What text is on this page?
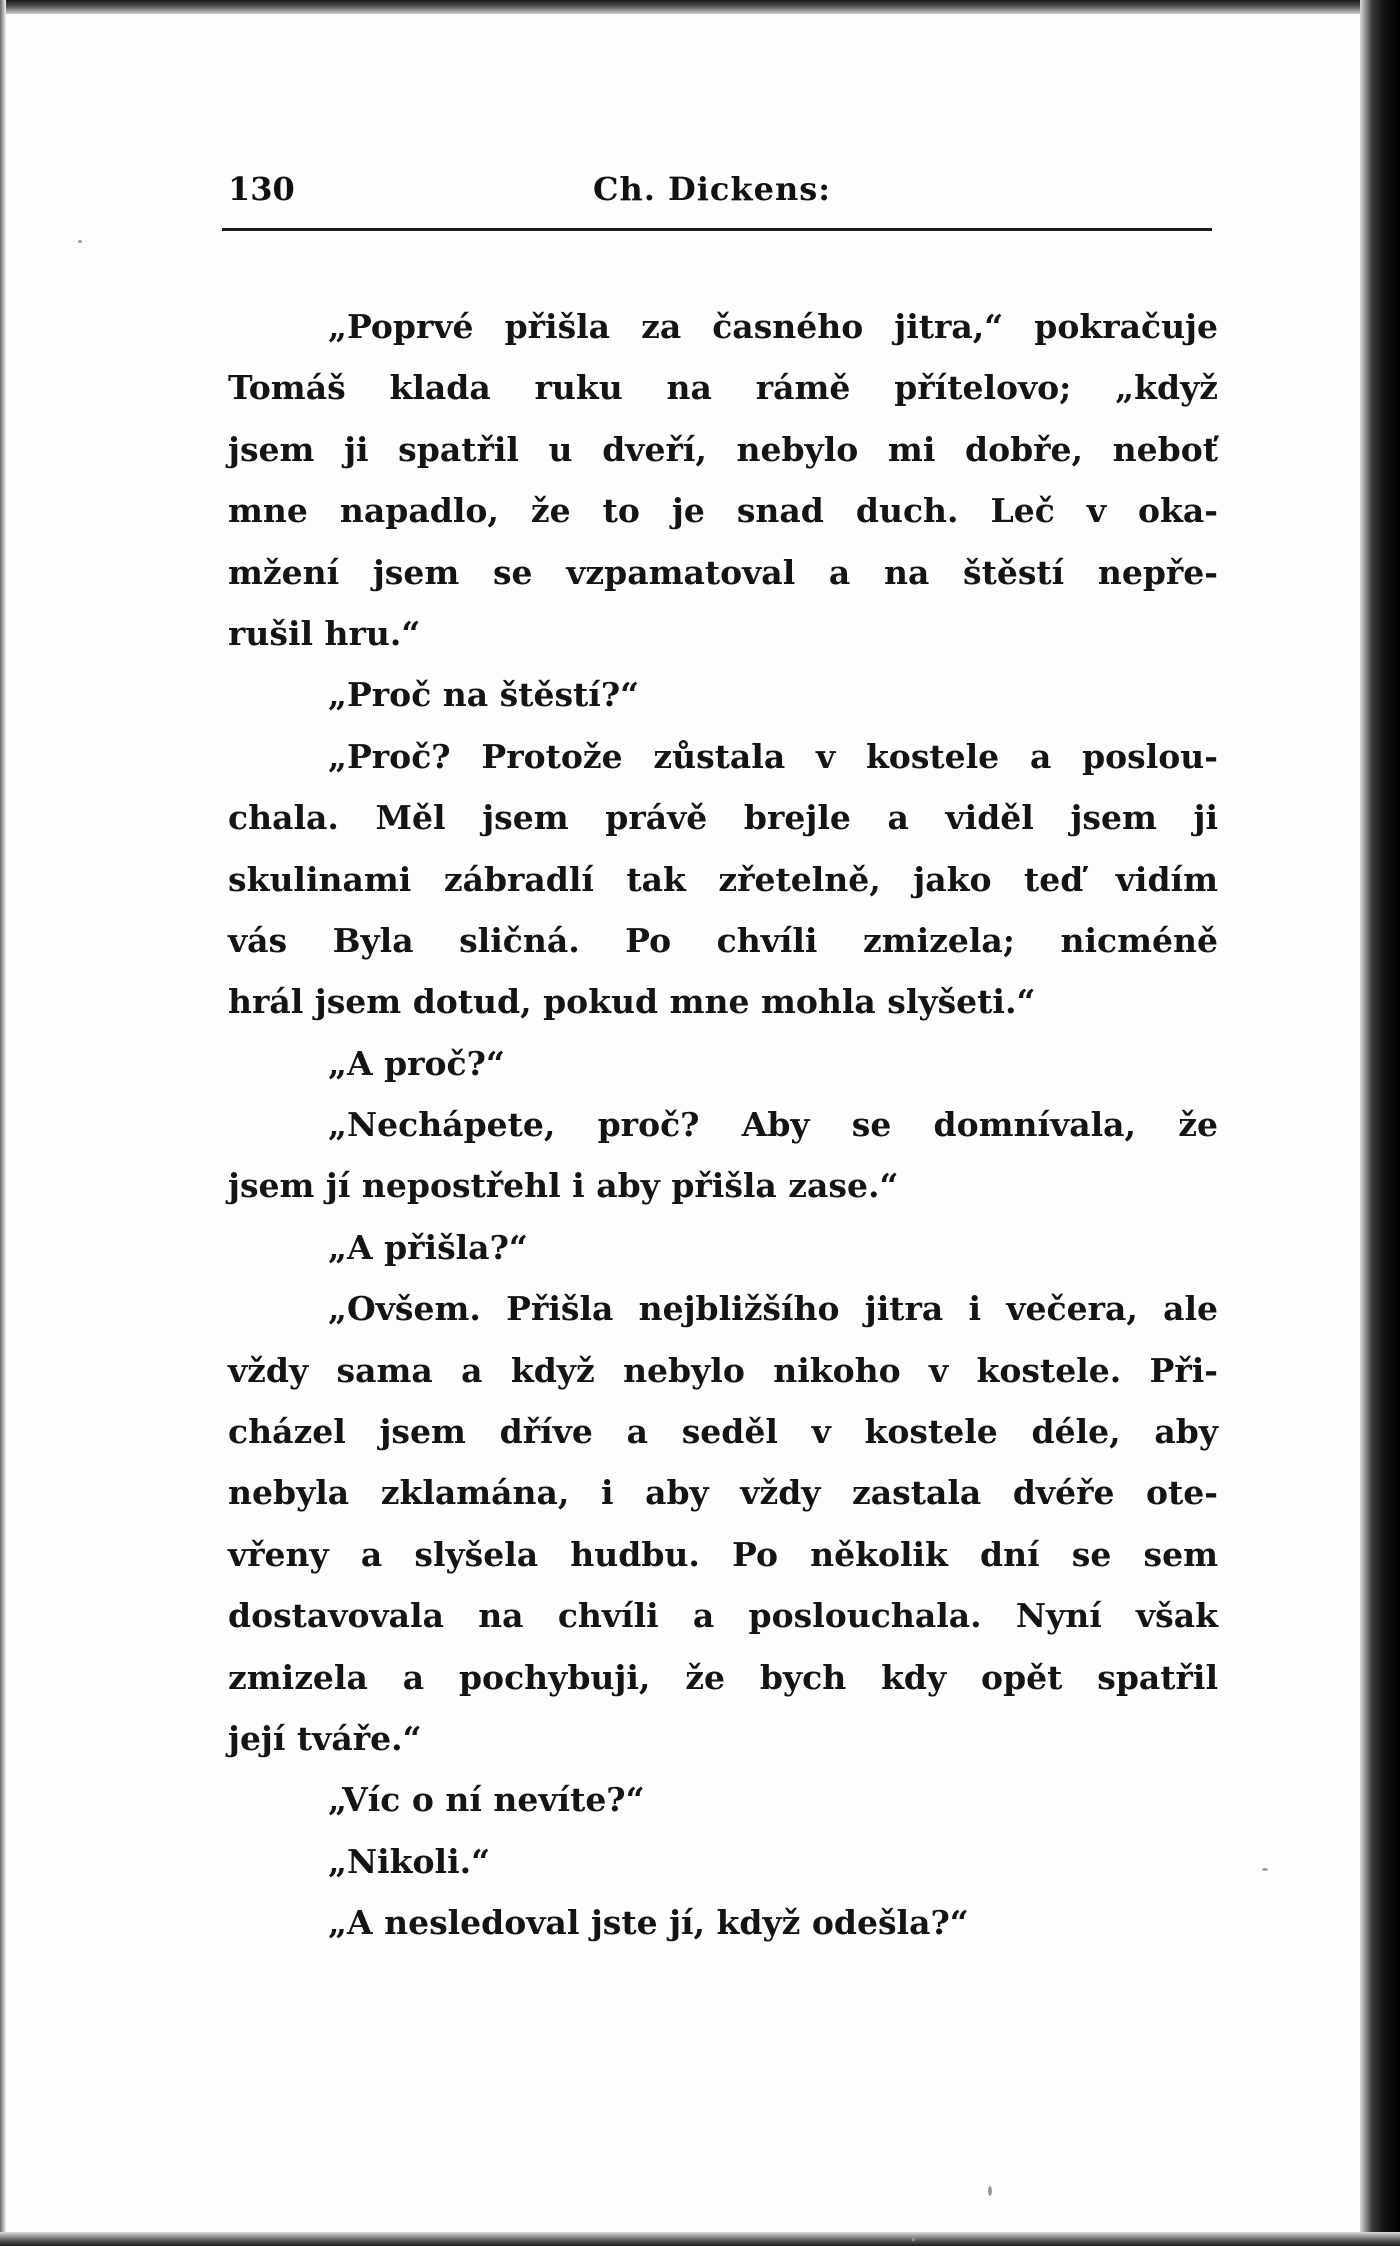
130	Ch. Dickens:
„Poprvé přišla za časného jitra,“ pokračuje
Tomáš klada ruku na rámě přítelovo; „když
jsem ji spatřil u dveří, nebylo mi dobře, neboť
mne napadlo, že to je snad duch. Leč v oka-
mžení jsem se vzpamatoval a na štěstí nepře-
rušil hru.“
„Proč na štěstí?“
„Proč? Protože zůstala v kostele a poslou-
chala. Měl jsem právě brejle a viděl jsem ji
skulinami zábradlí tak zřetelně, jako teď vidím
vás Byla sličná. Po chvíli zmizela; nicméně
hrál jsem dotud, pokud mne mohla slyšeti.“
„A proč?“
„Nechápete, proč? Aby se domnívala, že
jsem jí nepostřehl i aby přišla zase.“
„A přišla?“
„Ovšem. Přišla nejbližšího jitra i večera, ale
vždy sama a když nebylo nikoho v kostele. Při-
cházel jsem dříve a seděl v kostele déle, aby
nebyla zklamána, i aby vždy zastala dvéře ote-
vřeny a slyšela hudbu. Po několik dní se sem
dostavovala na chvíli a poslouchala. Nyní však
zmizela a pochybuji, že bych kdy opět spatřil
její tváře.“
„Víc o ní nevíte?“
„Nikoli.“
„A nesledoval jste jí, když odešla?“
